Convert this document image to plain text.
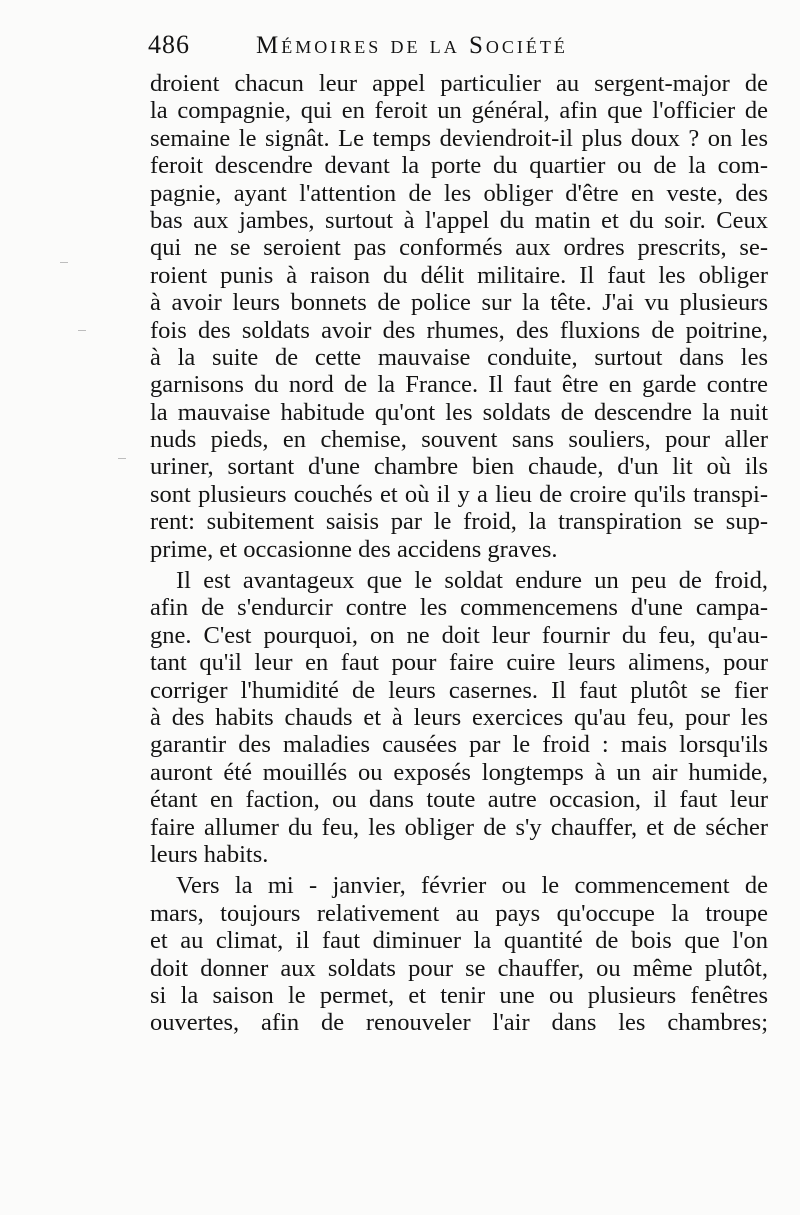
486	Mémoires de la Société
droient chacun leur appel particulier au sergent-major de
la compagnie, qui en feroit un général, afin que l'officier de
semaine le signât. Le temps deviendroit-il plus doux ? on les
feroit descendre devant la porte du quartier ou de la com-
pagnie, ayant l'attention de les obliger d'être en veste, des
bas aux jambes, surtout à l'appel du matin et du soir. Ceux
qui ne se seroient pas conformés aux ordres prescrits, se-
roient punis à raison du délit militaire. Il faut les obliger
à avoir leurs bonnets de police sur la tête. J'ai vu plusieurs
fois des soldats avoir des rhumes, des fluxions de poitrine,
à la suite de cette mauvaise conduite, surtout dans les
garnisons du nord de la France. Il faut être en garde contre
la mauvaise habitude qu'ont les soldats de descendre la nuit
nuds pieds, en chemise, souvent sans souliers, pour aller
uriner, sortant d'une chambre bien chaude, d'un lit où ils
sont plusieurs couchés et où il y a lieu de croire qu'ils transpi-
rent: subitement saisis par le froid, la transpiration se sup-
prime, et occasionne des accidens graves.
Il est avantageux que le soldat endure un peu de froid,
afin de s'endurcir contre les commencemens d'une campa-
gne. C'est pourquoi, on ne doit leur fournir du feu, qu'au-
tant qu'il leur en faut pour faire cuire leurs alimens, pour
corriger l'humidité de leurs casernes. Il faut plutôt se fier
à des habits chauds et à leurs exercices qu'au feu, pour les
garantir des maladies causées par le froid : mais lorsqu'ils
auront été mouillés ou exposés longtemps à un air humide,
étant en faction, ou dans toute autre occasion, il faut leur
faire allumer du feu, les obliger de s'y chauffer, et de sécher
leurs habits.
Vers la mi - janvier, février ou le commencement de
mars, toujours relativement au pays qu'occupe la troupe
et au climat, il faut diminuer la quantité de bois que l'on
doit donner aux soldats pour se chauffer, ou même plutôt,
si la saison le permet, et tenir une ou plusieurs fenêtres
ouvertes, afin de renouveler l'air dans les chambres;
